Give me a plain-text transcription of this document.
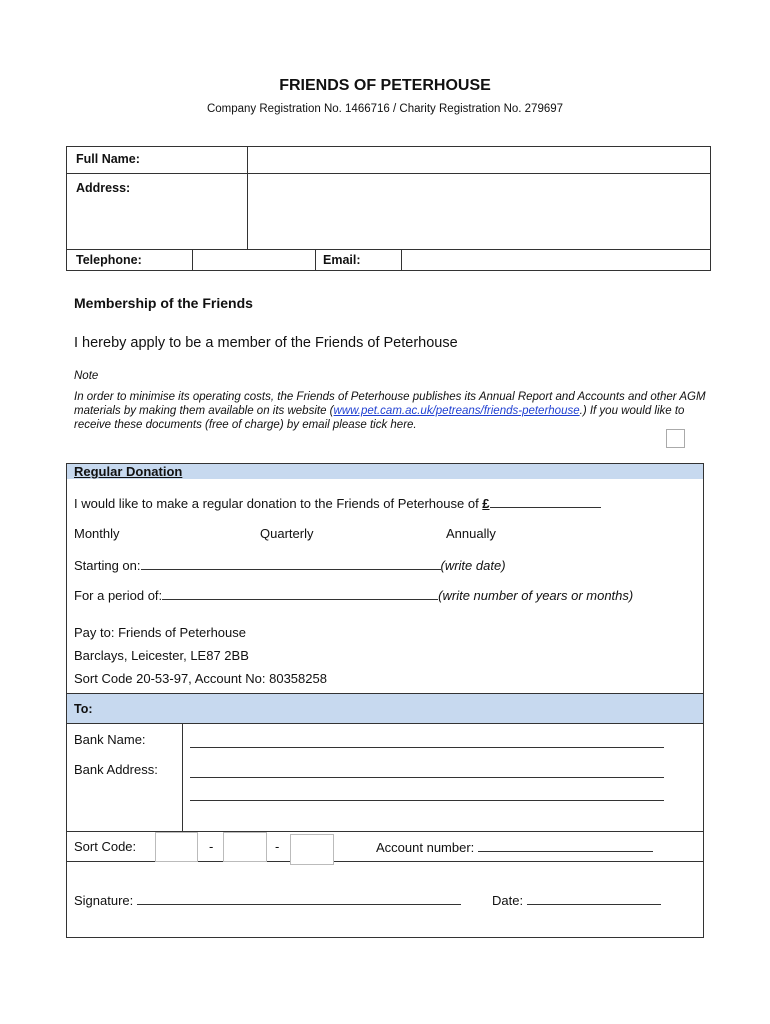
FRIENDS OF PETERHOUSE
Company Registration No. 1466716 / Charity Registration No. 279697
Full Name:
Address:
Telephone:	Email:
Membership of the Friends
I hereby apply to be a member of the Friends of Peterhouse
Note
In order to minimise its operating costs, the Friends of Peterhouse publishes its Annual Report and Accounts and other AGM materials by making them available on its website (www.pet.cam.ac.uk/petreans/friends-peterhouse.) If you would like to receive these documents (free of charge) by email please tick here.
Regular Donation
I would like to make a regular donation to the Friends of Peterhouse of £
Monthly	Quarterly	Annually
Starting on:	(write date)
For a period of:	(write number of years or months)
Pay to: Friends of Peterhouse
Barclays, Leicester, LE87 2BB
Sort Code 20-53-97, Account No: 80358258
To:
Bank Name:
Bank Address:
Sort Code:	-	-	Account number:
Signature:	Date:
